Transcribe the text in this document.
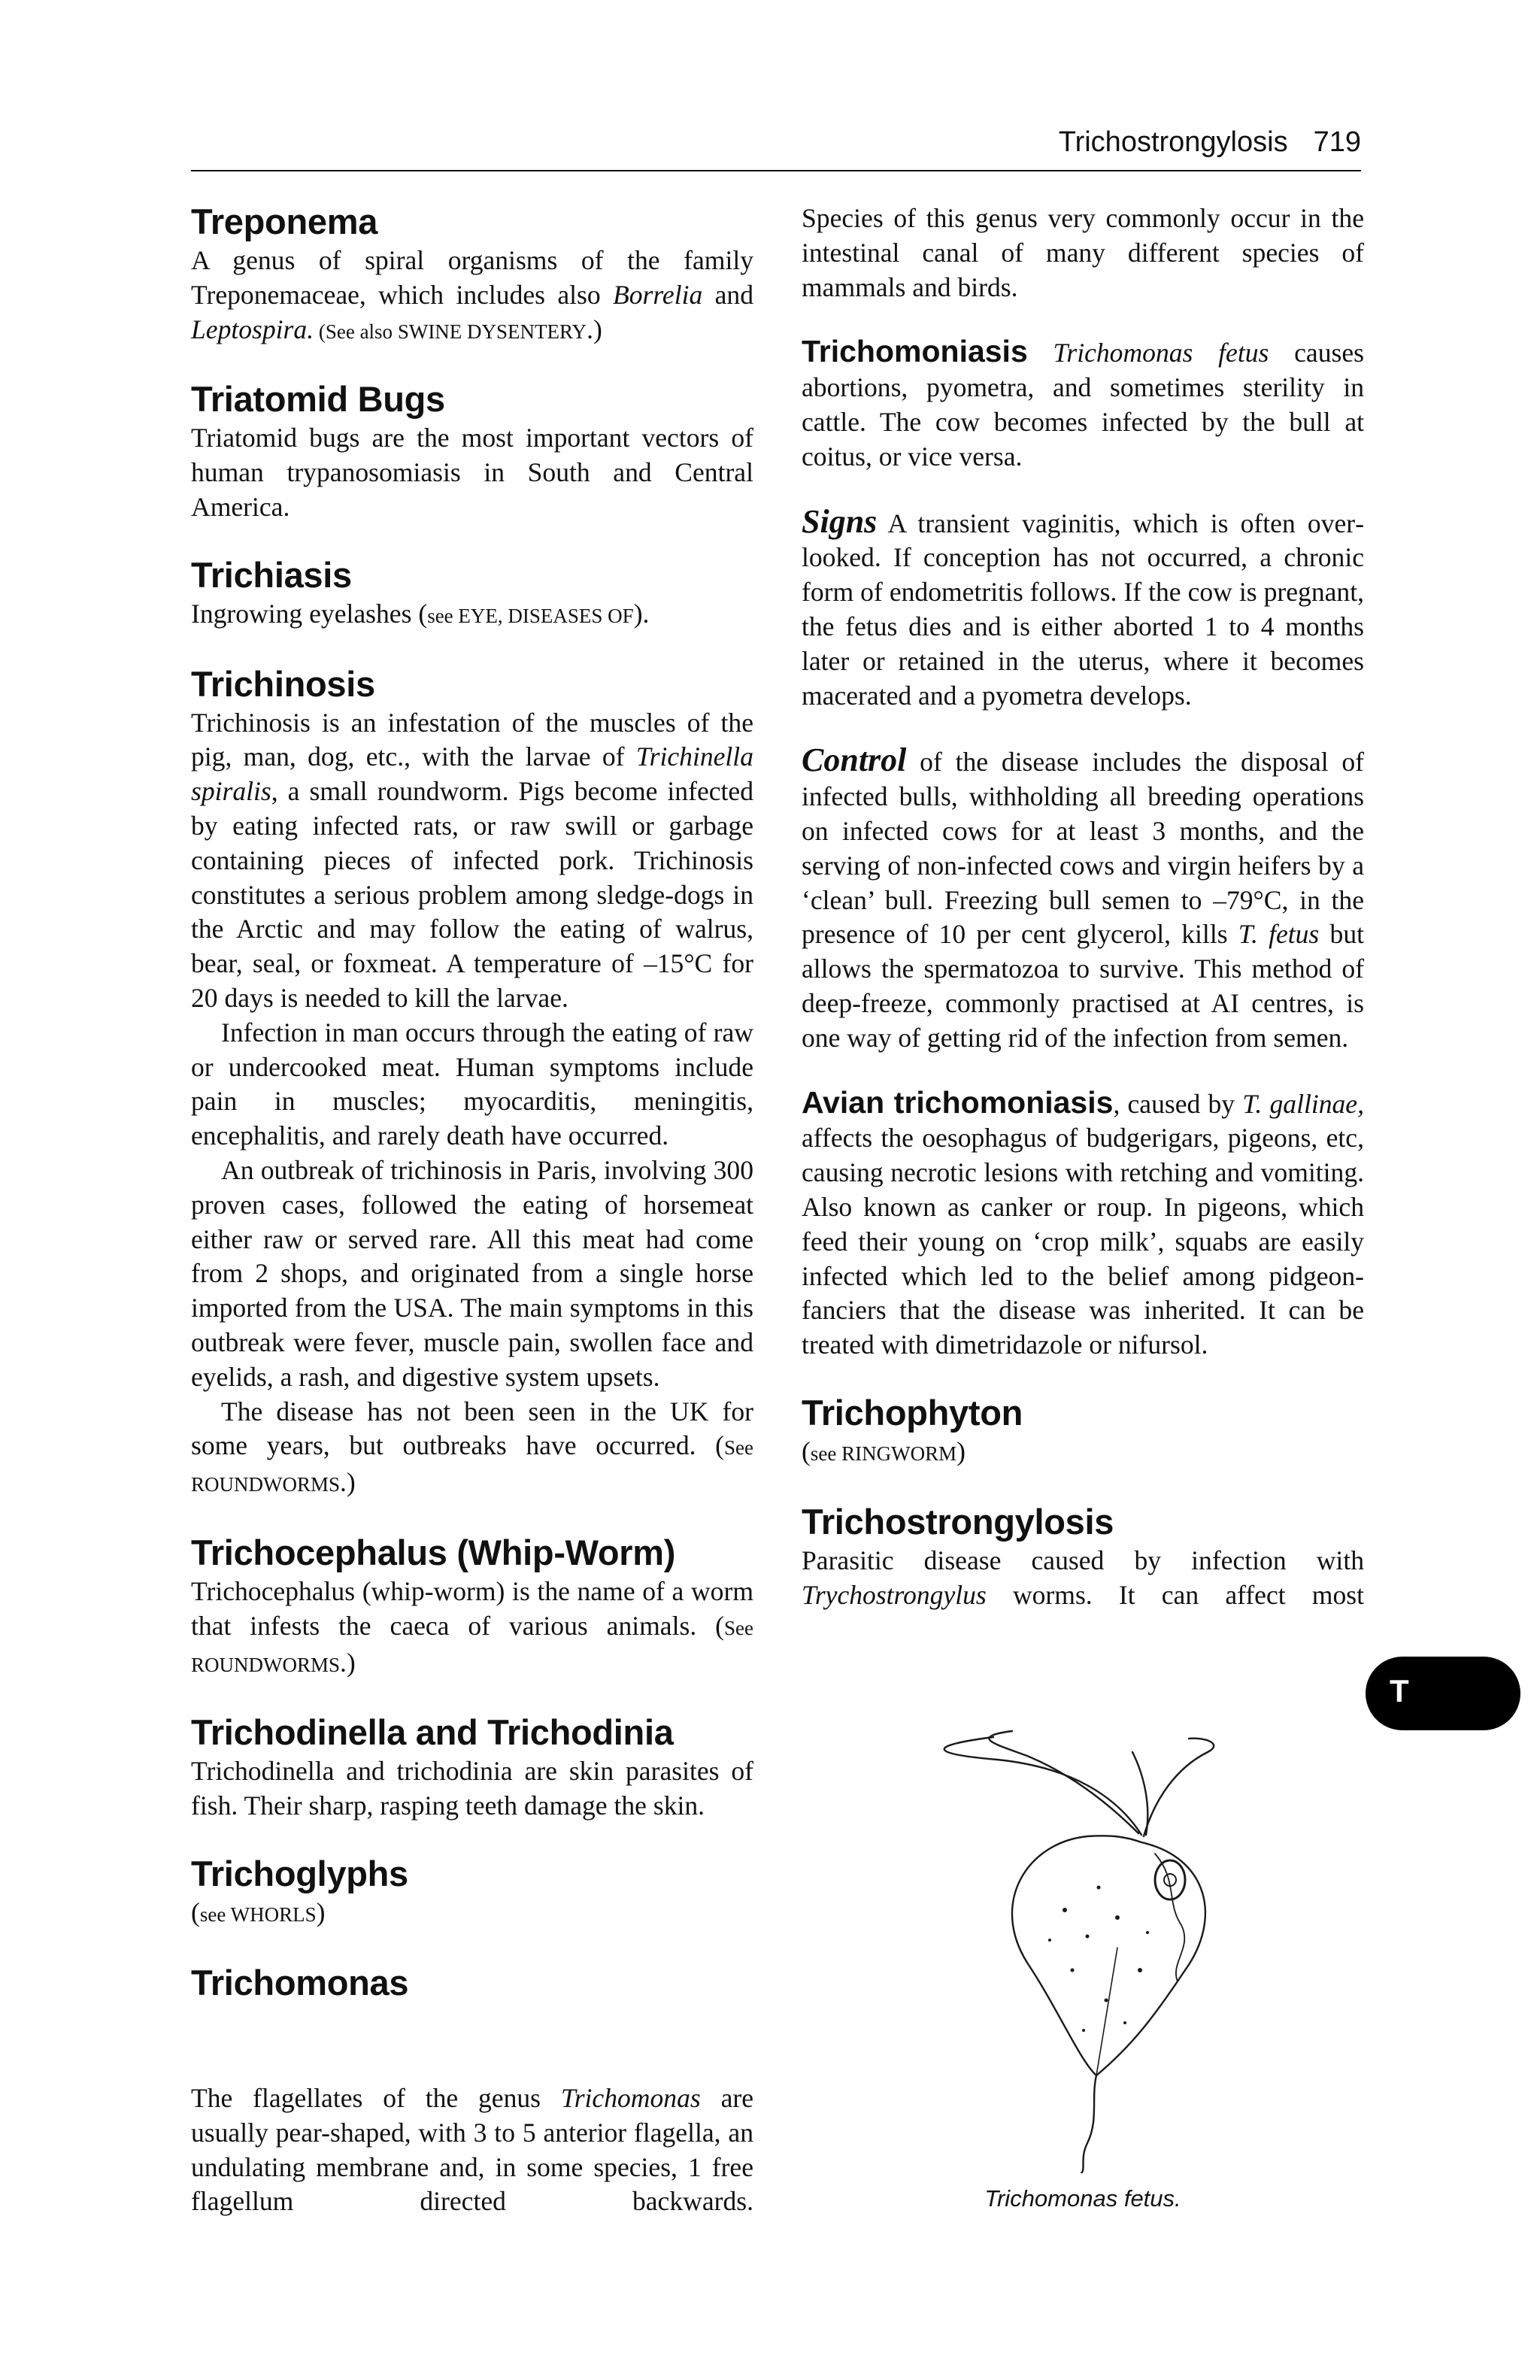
Trichostrongylosis 719
Treponema

A genus of spiral organisms of the family Treponemaceae, which includes also Borrelia and Leptospira. (See also SWINE DYSENTERY.)

Triatomid Bugs

Triatomid bugs are the most important vectors of human trypanosomiasis in South and Central America.

Trichiasis

Ingrowing eyelashes (see EYE, DISEASES OF).

Trichinosis

Trichinosis is an infestation of the muscles of the pig, man, dog, etc., with the larvae of Trichinella spiralis, a small roundworm. Pigs become infected by eating infected rats, or raw swill or garbage containing pieces of infected pork. Trichinosis constitutes a serious problem among sledge-dogs in the Arctic and may follow the eating of walrus, bear, seal, or foxmeat. A temperature of –15°C for 20 days is needed to kill the larvae.

Infection in man occurs through the eating of raw or undercooked meat. Human symptoms include pain in muscles; myocarditis, meningitis, encephalitis, and rarely death have occurred.

An outbreak of trichinosis in Paris, involving 300 proven cases, followed the eating of horsemeat either raw or served rare. All this meat had come from 2 shops, and originated from a single horse imported from the USA. The main symptoms in this outbreak were fever, muscle pain, swollen face and eyelids, a rash, and digestive system upsets.

The disease has not been seen in the UK for some years, but outbreaks have occurred. (See ROUNDWORMS.)

Trichocephalus (Whip-Worm)

Trichocephalus (whip-worm) is the name of a worm that infests the caeca of various animals. (See ROUNDWORMS.)

Trichodinella and Trichodinia

Trichodinella and trichodinia are skin parasites of fish. Their sharp, rasping teeth damage the skin.

Trichoglyphs

(see WHORLS)

Trichomonas

The flagellates of the genus Trichomonas are usually pear-shaped, with 3 to 5 anterior flagella, an undulating membrane and, in some species, 1 free flagellum directed backwards.

Species of this genus very commonly occur in the intestinal canal of many different species of mammals and birds.

Trichomoniasis Trichomonas fetus causes abortions, pyometra, and sometimes sterility in cattle. The cow becomes infected by the bull at coitus, or vice versa.

Signs A transient vaginitis, which is often overlooked. If conception has not occurred, a chronic form of endometritis follows. If the cow is pregnant, the fetus dies and is either aborted 1 to 4 months later or retained in the uterus, where it becomes macerated and a pyometra develops.

Control of the disease includes the disposal of infected bulls, withholding all breeding operations on infected cows for at least 3 months, and the serving of non-infected cows and virgin heifers by a ‘clean’ bull. Freezing bull semen to –79°C, in the presence of 10 per cent glycerol, kills T. fetus but allows the spermatozoa to survive. This method of deep-freeze, commonly practised at AI centres, is one way of getting rid of the infection from semen.

Avian trichomoniasis, caused by T. gallinae, affects the oesophagus of budgerigars, pigeons, etc, causing necrotic lesions with retching and vomiting. Also known as canker or roup. In pigeons, which feed their young on ‘crop milk’, squabs are easily infected which led to the belief among pidgeon-fanciers that the disease was inherited. It can be treated with dimetridazole or nifursol.

Trichophyton

(see RINGWORM)

Trichostrongylosis

Parasitic disease caused by infection with Trychostrongylus worms. It can affect most

Trichomonas fetus.
T
